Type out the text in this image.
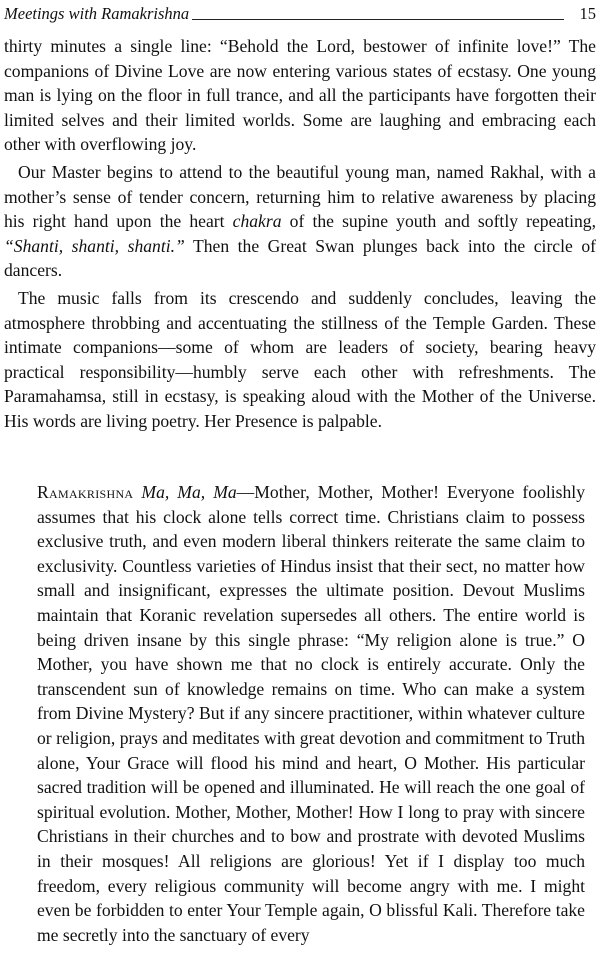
Meetings with Ramakrishna	15

thirty minutes a single line: “Behold the Lord, bestower of infinite love!” The companions of Divine Love are now entering various states of ecstasy. One young man is lying on the floor in full trance, and all the participants have forgotten their limited selves and their limited worlds. Some are laughing and embracing each other with overflowing joy.

Our Master begins to attend to the beautiful young man, named Rakhal, with a mother’s sense of tender concern, returning him to relative awareness by placing his right hand upon the heart chakra of the supine youth and softly repeating, “Shanti, shanti, shanti.” Then the Great Swan plunges back into the circle of dancers.

The music falls from its crescendo and suddenly concludes, leaving the atmosphere throbbing and accentuating the stillness of the Temple Garden. These intimate companions—some of whom are leaders of society, bearing heavy practical responsibility—humbly serve each other with refreshments. The Paramahamsa, still in ecstasy, is speaking aloud with the Mother of the Universe. His words are living poetry. Her Presence is palpable.

Ramakrishna Ma, Ma, Ma—Mother, Mother, Mother! Everyone foolishly assumes that his clock alone tells correct time. Christians claim to possess exclusive truth, and even modern liberal thinkers reiterate the same claim to exclusivity. Countless varieties of Hindus insist that their sect, no matter how small and insignificant, expresses the ultimate position. Devout Muslims maintain that Koranic revelation supersedes all others. The entire world is being driven insane by this single phrase: “My religion alone is true.” O Mother, you have shown me that no clock is entirely accurate. Only the transcendent sun of knowledge remains on time. Who can make a system from Divine Mystery? But if any sincere practitioner, within whatever culture or religion, prays and meditates with great devotion and commitment to Truth alone, Your Grace will flood his mind and heart, O Mother. His particular sacred tradition will be opened and illuminated. He will reach the one goal of spiritual evolution. Mother, Mother, Mother! How I long to pray with sincere Christians in their churches and to bow and prostrate with devoted Muslims in their mosques! All religions are glorious! Yet if I display too much freedom, every religious community will become angry with me. I might even be forbidden to enter Your Temple again, O blissful Kali. Therefore take me secretly into the sanctuary of every
